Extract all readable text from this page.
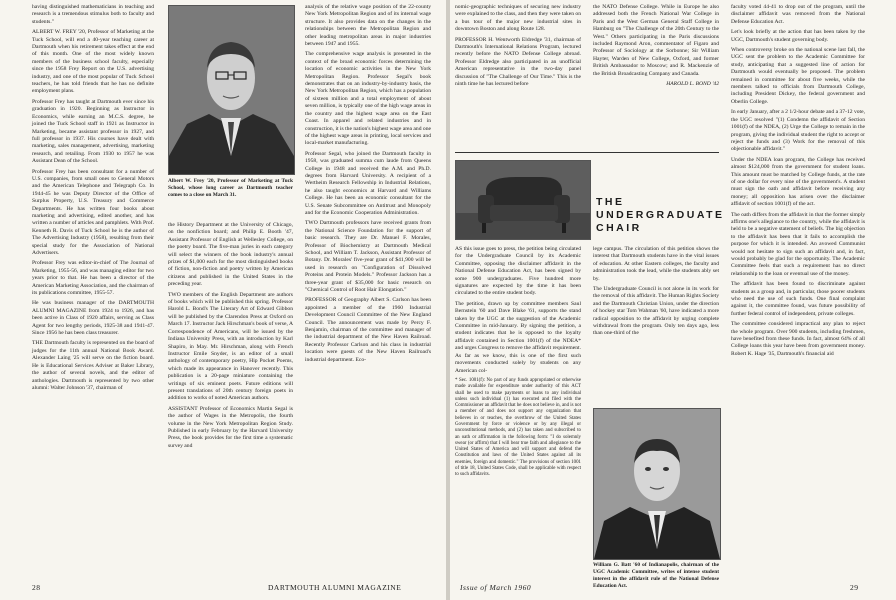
having distinguished mathematicians in teaching and research is a tremendous stimulus both to faculty and students."

ALBERT W. FREY '20, Professor of Marketing at the Tuck School, will end a 40-year teaching career at Dartmouth when his retirement takes effect at the end of this month. One of the most widely known members of the business school faculty, especially since the 1958 Frey Report on the U.S. advertising industry, and one of the most popular of Tuck School teachers, he has told friends that he has no definite employment plans.

Professor Frey has taught at Dartmouth ever since his graduation in 1920. Beginning as Instructor in Economics, while earning an M.C.S. degree, he joined the Tuck School staff in 1921 as Instructor in Marketing, became assistant professor in 1927, and full professor in 1937. His courses have dealt with marketing, sales management, advertising, marketing research, and retailing. From 1930 to 1957 he was Assistant Dean of the School.

Professor Frey has been consultant for a number of U.S. companies, from small ones to General Motors and the American Telephone and Telegraph Co. In 1944-45 he was Deputy Director of the Office of Surplus Property, U.S. Treasury and Commerce Departments. He has written four books about marketing and advertising, edited another, and has written a number of articles and pamphlets. With Prof. Kenneth R. Davis of Tuck School he is the author of The Advertising Industry (1958), resulting from their special study for the Association of National Advertisers.

Professor Frey was editor-in-chief of The Journal of Marketing, 1955-56, and was managing editor for two years prior to that. He has been a director of the American Marketing Association, and the chairman of its publications committee, 1955-57.

He was business manager of the DARTMOUTH ALUMNI MAGAZINE from 1924 to 1926, and has been active in Class of 1920 affairs, serving as Class Agent for two lengthy periods, 1925-38 and 1941-47. Since 1956 he has been class treasurer.

THE Dartmouth faculty is represented on the board of judges for the 11th annual National Book Award. Alexander Laing '25 will serve on the fiction board. He is Educational Services Adviser at Baker Library, the author of several novels, and the editor of anthologies. Dartmouth is represented by two other alumni: Walter Johnson '37, chairman of

Albert W. Frey '20, Professor of Marketing at Tuck School, whose long career as Dartmouth teacher comes to a close on March 31.

the History Department at the University of Chicago, on the nonfiction board; and Philip E. Booth '47, Assistant Professor of English at Wellesley College, on the poetry board. The five-man juries in each category will select the winners of the book industry's annual prizes of $1,000 each for the most distinguished books of fiction, non-fiction and poetry written by American citizens and published in the United States in the preceding year.

TWO members of the English Department are authors of books which will be published this spring. Professor Harold L. Bond's The Literary Art of Edward Gibbon will be published by the Clarendon Press at Oxford on March 17. Instructor Jack Hirschman's book of verse, A Correspondence of Americans, will be issued by the Indiana University Press, with an introduction by Karl Shapiro, in May. Mr. Hirschman, along with French Instructor Emile Snyder, is an editor of a small anthology of contemporary poetry, Hip Pocket Poems, which made its appearance in Hanover recently. This publication is a 20-page miniature containing the writings of six eminent poets. Future editions will present translations of 20th century foreign poets in addition to works of noted American authors.

ASSISTANT Professor of Economics Martin Segal is the author of Wages in the Metropolis, the fourth volume in the New York Metropolitan Region Study. Published in early February by the Harvard University Press, the book provides for the first time a systematic survey and

analysis of the relative wage position of the 22-county New York Metropolitan Region and of its internal wage structure. It also provides data on the changes in the relationships between the Metropolitan Region and other leading metropolitan areas in major industries between 1947 and 1955.

The comprehensive wage analysis is presented in the context of the broad economic forces determining the location of economic activities in the New York Metropolitan Region. Professor Segal's book demonstrates that on an industry-by-industry basis, the New York Metropolitan Region, which has a population of sixteen million and a total employment of about seven million, is typically one of the high wage areas in the country and the highest wage area on the East Coast. In apparel and related industries and in construction, it is the nation's highest wage area and one of the highest wage areas in printing, local services and local-market manufacturing.

Professor Segal, who joined the Dartmouth faculty in 1958, was graduated summa cum laude from Queens College in 1948 and received the A.M. and Ph.D. degrees from Harvard University. A recipient of a Wertheim Research Fellowship in Industrial Relations, he also taught economics at Harvard and Williams College. He has been an economic consultant for the U.S. Senate Subcommittee on Antitrust and Monopoly and for the Economic Cooperation Administration.

TWO Dartmouth professors have received grants from the National Science Foundation for the support of basic research. They are Dr. Manuel F. Morales, Professor of Biochemistry at Dartmouth Medical School, and William T. Jackson, Assistant Professor of Botany. Dr. Morales' five-year grant of $41,900 will be used in research on "Configuration of Dissolved Proteins and Protein Models." Professor Jackson has a three-year grant of $35,000 for basic research on "Chemical Control of Root Hair Elongation."

PROFESSOR of Geography Albert S. Carlson has been appointed a member of the 1960 Industrial Development Council Committee of the New England Council. The announcement was made by Percy F. Benjamin, chairman of the committee and manager of the industrial department of the New Haven Railroad. Recently Professor Carlson and his class in industrial location were guests of the New Haven Railroad's industrial department. Eco-

28	DARTMOUTH ALUMNI MAGAZINE

nomic-geographic techniques of securing new industry were explained to the class, and then they were taken on a bus tour of the major new industrial sites in downtown Boston and along Route 128.

PROFESSOR H. Wentworth Eldredge '31, chairman of Dartmouth's International Relations Program, lectured recently before the NATO Defense College abroad. Professor Eldredge also participated in an unofficial American representative in the two-day panel discussion of "The Challenge of Our Time." This is the ninth time he has lectured before

the NATO Defense College. While in Europe he also addressed both the French National War College in Paris and the West German General Staff College in Hamburg on "The Challenge of the 20th Century to the West." Others participating in the Paris discussions included Raymond Aron, commentator of Figaro and Professor of Sociology at the Sorbonne; Sir William Hayter, Warden of New College, Oxford, and former British Ambassador to Moscow; and R. Mackenzie of the British Broadcasting Company and Canada.

HAROLD L. BOND '42

THE
UNDERGRADUATE
CHAIR

AS this issue goes to press, the petition being circulated for the Undergraduate Council by its Academic Committee, opposing the disclaimer affidavit in the National Defense Education Act, has been signed by some 900 undergraduates. Five hundred more signatures are expected by the time it has been circulated to the entire student body.

The petition, drawn up by committee members Saul Bernstein '60 and Dave Blake '61, supports the stand taken by the UGC at the suggestion of the Academic Committee in mid-January. By signing the petition, a student indicates that he is opposed to the loyalty affidavit contained in Section 1001(f) of the NDEA* and urges Congress to remove the affidavit requirement. As far as we know, this is one of the first such movements conducted solely by students on any American col-

* Sec. 1001(f): No part of any funds appropriated or otherwise made available for expenditure under authority of this ACT shall be used to make payments or loans to any individual unless such individual (1) has executed and filed with the Commissioner an affidavit that he does not believe in, and is not a member of and does not support any organization that believes in or teaches, the overthrow of the United States Government by force or violence or by any illegal or unconstitutional methods, and (2) has taken and subscribed to an oath or affirmation in the following form: "I do solemnly swear (or affirm) that I will bear true faith and allegiance to the United States of America and will support and defend the Constitution and laws of the United States against all its enemies, foreign and domestic." The provisions of section 1001 of title 18, United States Code, shall be applicable with respect to such affidavits.

lege campus. The circulation of this petition shows the interest that Dartmouth students have in the vital issues of education. At other Eastern colleges, the faculty and administration took the lead, while the students ably set by.

The Undergraduate Council is not alone in its work for the removal of this affidavit. The Human Rights Society and the Dartmouth Christian Union, under the direction of hockey star Tom Wahman '60, have indicated a more radical opposition to the affidavit by urging complete withdrawal from the program. Only ten days ago, less than one-third of the

William G. Batt '60 of Indianapolis, chairman of the UGC Academic Committee, writes of intense student interest in the affidavit rule of the National Defense Education Act.

faculty voted 44-41 to drop out of the program, until the disclaimer affidavit was removed from the National Defense Education Act.

Let's look briefly at the action that has been taken by the UGC, Dartmouth's student governing body.

When controversy broke on the national scene last fall, the UGC sent the problem to the Academic Committee for study, anticipating that a suggested line of action for Dartmouth would eventually be proposed. The problem remained in committee for about five weeks, while the members talked to officials from Dartmouth College, including President Dickey, the federal government and Oberlin College.

In early January, after a 2 1/2-hour debate and a 37-12 vote, the UGC resolved "(1) Condemn the affidavit of Section 1001(f) of the NDEA, (2) Urge the College to remain in the program, giving the individual student the right to accept or reject the funds and (3) Work for the removal of this objectionable affidavit."

Under the NDEA loan program, the College has received almost $124,000 from the government for student loans. This amount must be matched by College funds, at the rate of one dollar for every nine of the government's. A student must sign the oath and affidavit before receiving any money; all opposition has arisen over the disclaimer affidavit of section 1001(f) of the act.

The oath differs from the affidavit in that the former simply affirms one's allegiance to the country, while the affidavit is held to be a negative statement of beliefs. The big objection to the affidavit has been that it fails to accomplish the purpose for which it is intended. An avowed Communist would not hesitate to sign such an affidavit and, in fact, would probably be glad for the opportunity. The Academic Committee feels that such a requirement has no direct relationship to the loan or eventual use of the money.

The affidavit has been found to discriminate against students as a group and, in particular, those poorer students who need the use of such funds. One final complaint against it, the committee found, was future possibility of further federal control of independent, private colleges.

The committee considered impractical any plan to reject the whole program. Over 900 students, including freshmen, have benefited from these funds. In fact, almost 64% of all College loans this year have been from government money. Robert K. Hage '35, Dartmouth's financial aid

Issue of March 1960	29
